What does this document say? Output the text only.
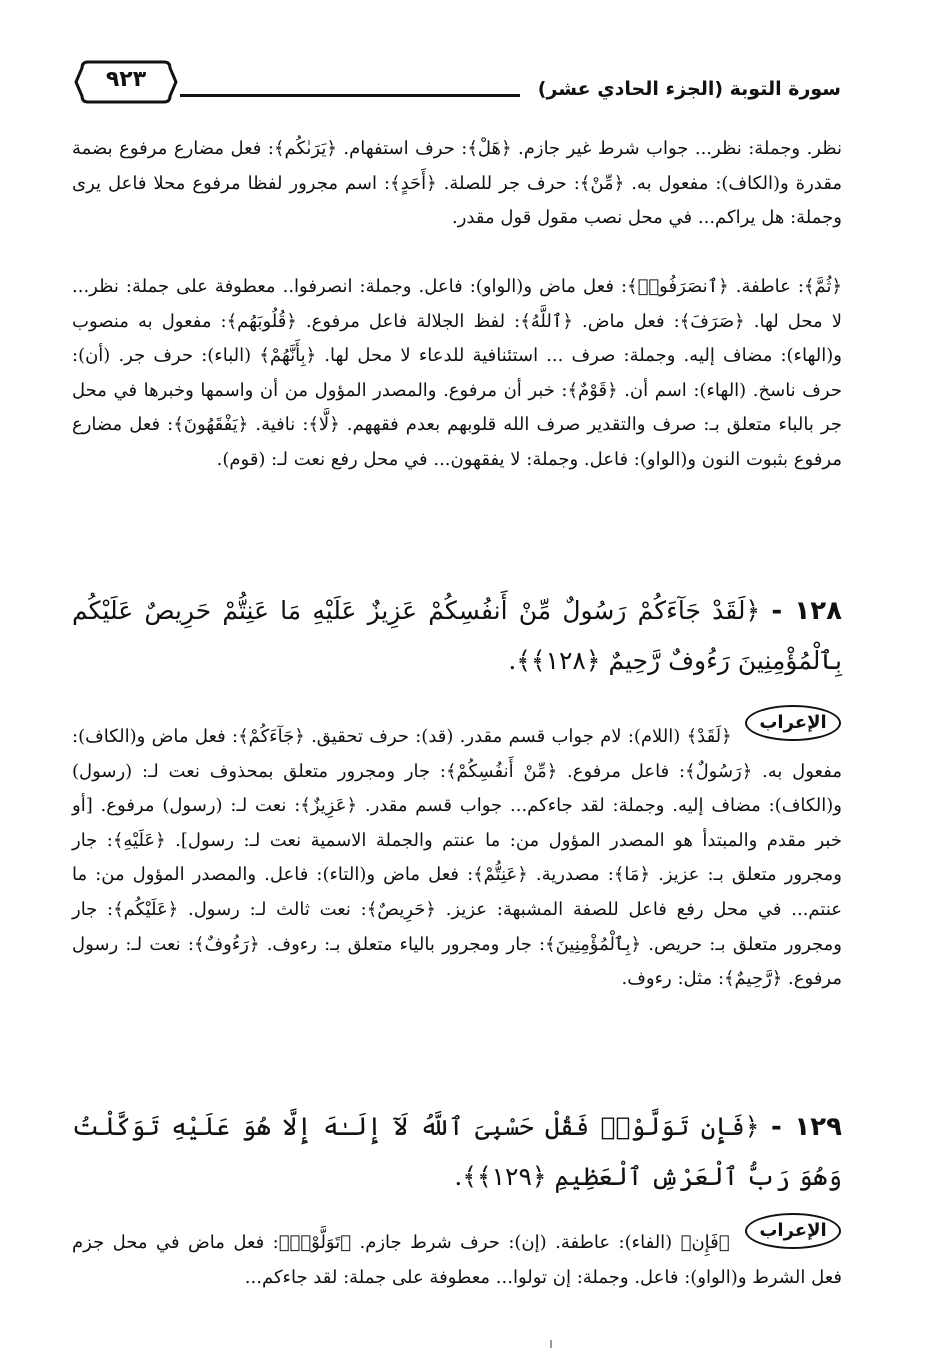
سورة التوبة (الجزء الحادي عشر)
٩٢٣

نظر. وجملة: نظر... جواب شرط غير جازم. ﴿هَلْ﴾: حرف استفهام. ﴿يَرَىٰكُم﴾: فعل مضارع مرفوع بضمة مقدرة و(الكاف): مفعول به. ﴿مِّنْ﴾: حرف جر للصلة. ﴿أَحَدٍ﴾: اسم مجرور لفظا مرفوع محلا فاعل يرى وجملة: هل يراكم... في محل نصب مقول قول مقدر.

﴿ثُمَّ﴾: عاطفة. ﴿ٱنصَرَفُوا۟﴾: فعل ماض و(الواو): فاعل. وجملة: انصرفوا.. معطوفة على جملة: نظر... لا محل لها. ﴿صَرَفَ﴾: فعل ماض. ﴿ٱللَّهُ﴾: لفظ الجلالة فاعل مرفوع. ﴿قُلُوبَهُم﴾: مفعول به منصوب و(الهاء): مضاف إليه. وجملة: صرف ... استئنافية للدعاء لا محل لها. ﴿بِأَنَّهُمْ﴾ (الباء): حرف جر. (أن): حرف ناسخ. (الهاء): اسم أن. ﴿قَوْمٌ﴾: خبر أن مرفوع. والمصدر المؤول من أن واسمها وخبرها في محل جر بالباء متعلق بـ: صرف والتقدير صرف الله قلوبهم بعدم فقههم. ﴿لَّا﴾: نافية. ﴿يَفْقَهُونَ﴾: فعل مضارع مرفوع بثبوت النون و(الواو): فاعل. وجملة: لا يفقهون... في محل رفع نعت لـ: (قوم).

١٢٨ - ﴿لَقَدْ جَآءَكُمْ رَسُولٌ مِّنْ أَنفُسِكُمْ عَزِيزٌ عَلَيْهِ مَا عَنِتُّمْ حَرِيصٌ عَلَيْكُم بِٱلْمُؤْمِنِينَ رَءُوفٌ رَّحِيمٌ ﴿١٢٨﴾﴾.

الإعراب

﴿لَقَدْ﴾ (اللام): لام جواب قسم مقدر. (قد): حرف تحقيق. ﴿جَآءَكُمْ﴾: فعل ماض و(الكاف): مفعول به. ﴿رَسُولٌ﴾: فاعل مرفوع. ﴿مِّنْ أَنفُسِكُمْ﴾: جار ومجرور متعلق بمحذوف نعت لـ: (رسول) و(الكاف): مضاف إليه. وجملة: لقد جاءكم... جواب قسم مقدر. ﴿عَزِيزٌ﴾: نعت لـ: (رسول) مرفوع. [أو خبر مقدم والمبتدأ هو المصدر المؤول من: ما عنتم والجملة الاسمية نعت لـ: رسول]. ﴿عَلَيْهِ﴾: جار ومجرور متعلق بـ: عزيز. ﴿مَا﴾: مصدرية. ﴿عَنِتُّمْ﴾: فعل ماض و(التاء): فاعل. والمصدر المؤول من: ما عنتم... في محل رفع فاعل للصفة المشبهة: عزيز. ﴿حَرِيصٌ﴾: نعت ثالث لـ: رسول. ﴿عَلَيْكُم﴾: جار ومجرور متعلق بـ: حريص. ﴿بِٱلْمُؤْمِنِينَ﴾: جار ومجرور بالياء متعلق بـ: رءوف. ﴿رَءُوفٌ﴾: نعت لـ: رسول مرفوع. ﴿رَّحِيمٌ﴾: مثل: رءوف.

١٢٩ - ﴿فَإِن تَوَلَّوْا۟ فَقُلْ حَسْبِىَ ٱللَّهُ لَآ إِلَـٰهَ إِلَّا هُوَ عَلَيْهِ تَوَكَّلْتُ وَهُوَ رَبُّ ٱلْعَرْشِ ٱلْعَظِيمِ ﴿١٢٩﴾﴾.

الإعراب

﴿فَإِن﴾ (الفاء): عاطفة. (إن): حرف شرط جازم. ﴿تَوَلَّوْا۟﴾: فعل ماض في محل جزم فعل الشرط و(الواو): فاعل. وجملة: إن تولوا... معطوفة على جملة: لقد جاءكم...
